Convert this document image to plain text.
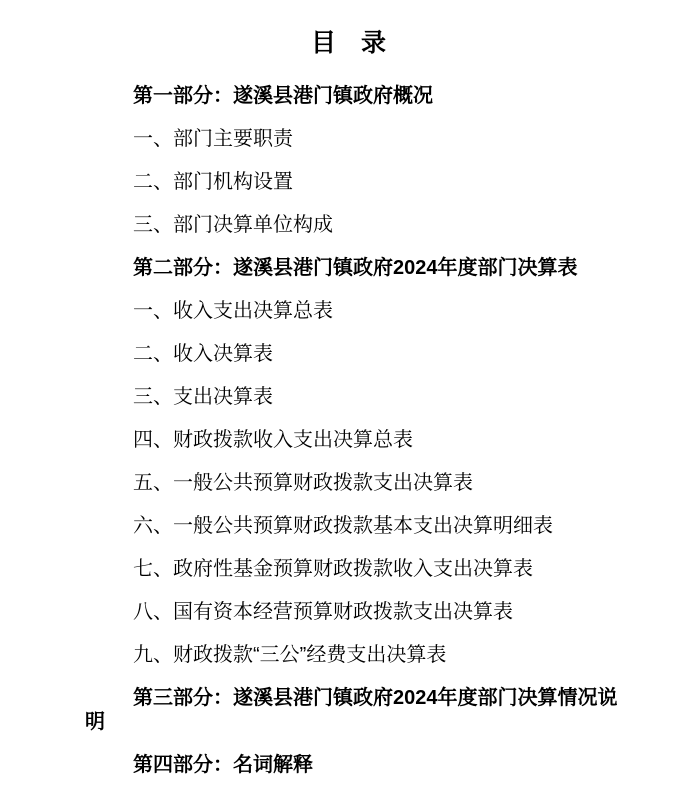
目　录

第一部分：遂溪县港门镇政府概况

一、部门主要职责

二、部门机构设置

三、部门决算单位构成

第二部分：遂溪县港门镇政府2024年度部门决算表

一、收入支出决算总表

二、收入决算表

三、支出决算表

四、财政拨款收入支出决算总表

五、一般公共预算财政拨款支出决算表

六、一般公共预算财政拨款基本支出决算明细表

七、政府性基金预算财政拨款收入支出决算表

八、国有资本经营预算财政拨款支出决算表

九、财政拨款“三公”经费支出决算表

第三部分：遂溪县港门镇政府2024年度部门决算情况说明

第四部分：名词解释
